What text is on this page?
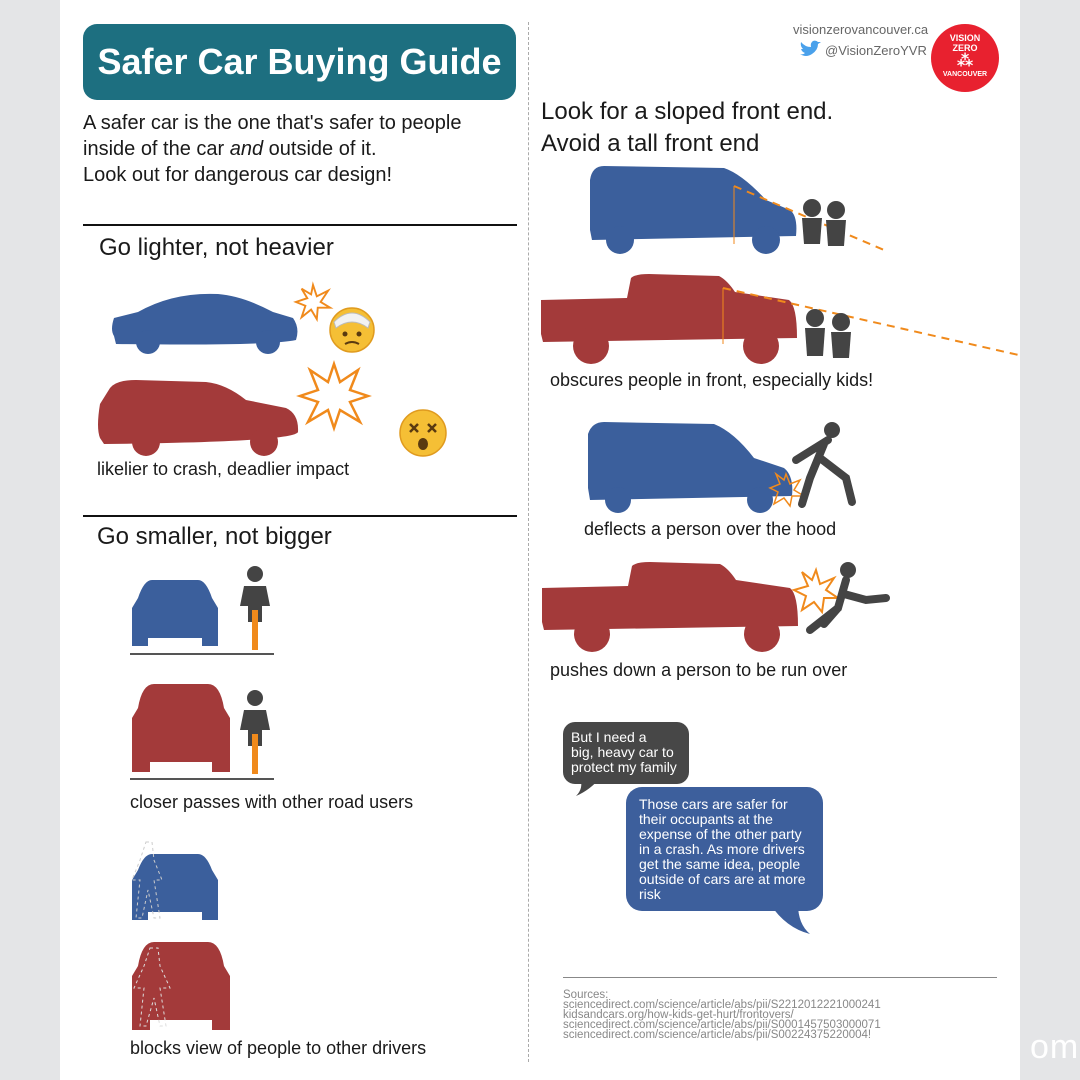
Safer Car Buying Guide
A safer car is the one that's safer to people
inside of the car and outside of it.
Look out for dangerous car design!
Go lighter, not heavier
likelier to crash, deadlier impact
Go smaller, not bigger
closer passes with other road users
blocks view of people to other drivers
visionzerovancouver.ca
@VisionZeroYVR
VISION
ZERO
⁂
VANCOUVER
Look for a sloped front end.
Avoid a tall front end
obscures people in front, especially kids!
deflects a person over the hood
pushes down a person to be run over
But I need a
big, heavy car to
protect my family
Those cars are safer for
their occupants at the
expense of the other party
in a crash. As more drivers
get the same idea, people
outside of cars are at more
risk
Sources:
sciencedirect.com/science/article/abs/pii/S2212012221000241
kidsandcars.org/how-kids-get-hurt/frontovers/
sciencedirect.com/science/article/abs/pii/S0001457503000071
sciencedirect.com/science/article/abs/pii/S00224375220004!	om
